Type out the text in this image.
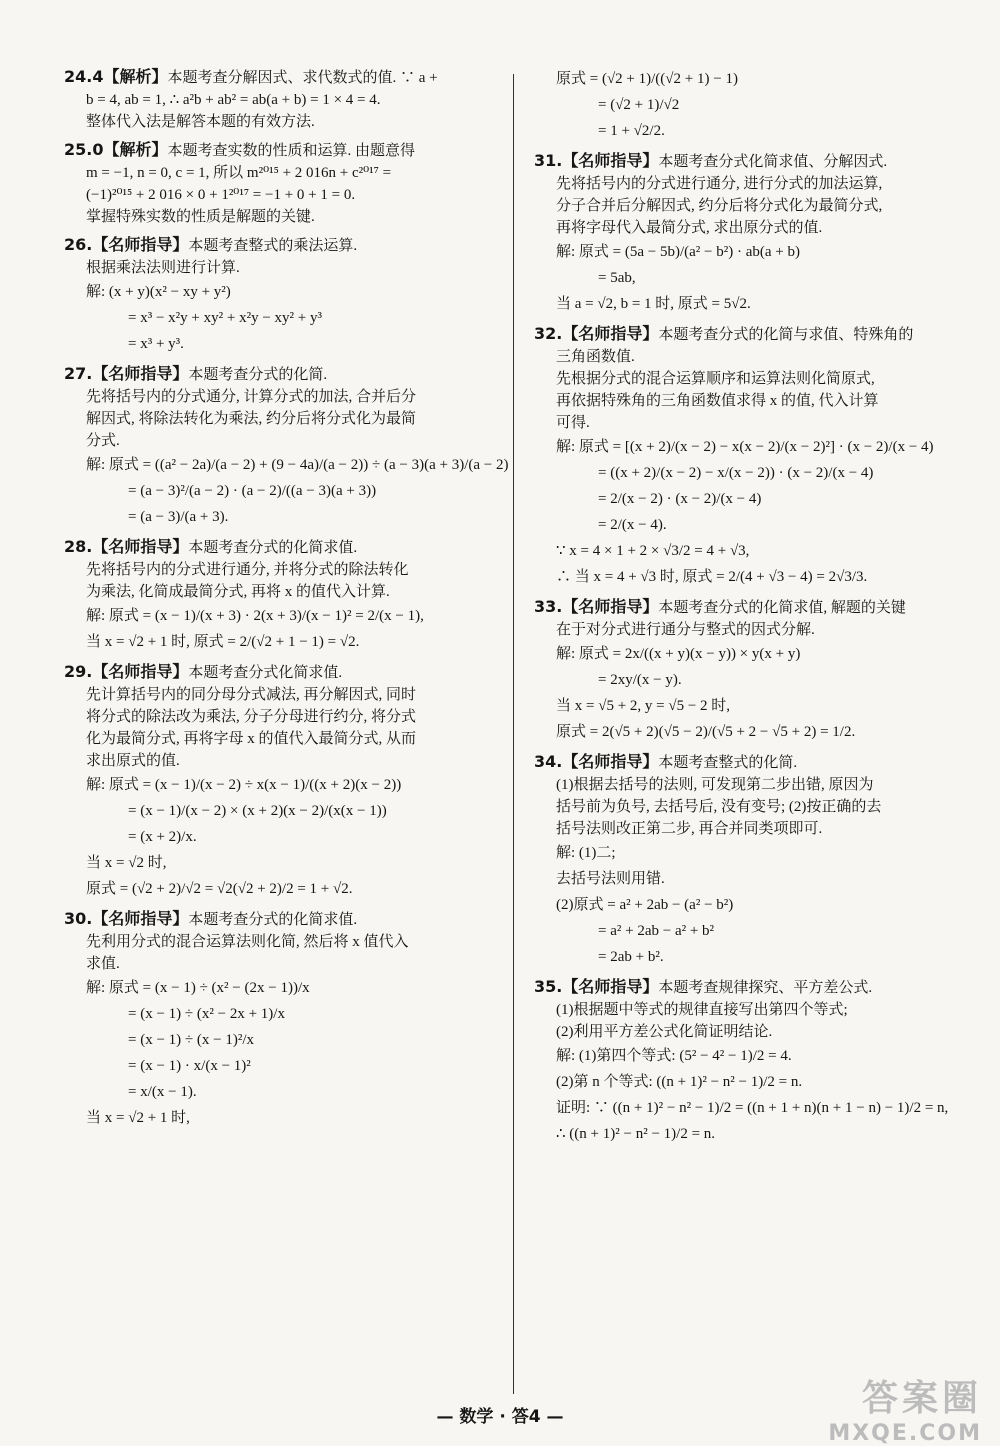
24.4【解析】本题考查分解因式、求代数式的值. ∵ a +
b = 4, ab = 1, ∴ a²b + ab² = ab(a + b) = 1 × 4 = 4.
整体代入法是解答本题的有效方法.
25.0【解析】本题考查实数的性质和运算. 由题意得
m = −1, n = 0, c = 1, 所以 m²⁰¹⁵ + 2 016n + c²⁰¹⁷ =
(−1)²⁰¹⁵ + 2 016 × 0 + 1²⁰¹⁷ = −1 + 0 + 1 = 0.
掌握特殊实数的性质是解题的关键.
26.【名师指导】本题考查整式的乘法运算.
根据乘法法则进行计算.
解: (x + y)(x² − xy + y²)
= x³ − x²y + xy² + x²y − xy² + y³
= x³ + y³.
27.【名师指导】本题考查分式的化简.
先将括号内的分式通分, 计算分式的加法, 合并后分
解因式, 将除法转化为乘法, 约分后将分式化为最简
分式.
解: 原式 = ((a² − 2a)/(a − 2) + (9 − 4a)/(a − 2)) ÷ (a − 3)(a + 3)/(a − 2)
= (a − 3)²/(a − 2) · (a − 2)/((a − 3)(a + 3))
= (a − 3)/(a + 3).
28.【名师指导】本题考查分式的化简求值.
先将括号内的分式进行通分, 并将分式的除法转化
为乘法, 化简成最简分式, 再将 x 的值代入计算.
解: 原式 = (x − 1)/(x + 3) · 2(x + 3)/(x − 1)² = 2/(x − 1),
当 x = √2 + 1 时, 原式 = 2/(√2 + 1 − 1) = √2.
29.【名师指导】本题考查分式化简求值.
先计算括号内的同分母分式减法, 再分解因式, 同时
将分式的除法改为乘法, 分子分母进行约分, 将分式
化为最简分式, 再将字母 x 的值代入最简分式, 从而
求出原式的值.
解: 原式 = (x − 1)/(x − 2) ÷ x(x − 1)/((x + 2)(x − 2))
= (x − 1)/(x − 2) × (x + 2)(x − 2)/(x(x − 1))
= (x + 2)/x.
当 x = √2 时,
原式 = (√2 + 2)/√2 = √2(√2 + 2)/2 = 1 + √2.
30.【名师指导】本题考查分式的化简求值.
先利用分式的混合运算法则化简, 然后将 x 值代入
求值.
解: 原式 = (x − 1) ÷ (x² − (2x − 1))/x
= (x − 1) ÷ (x² − 2x + 1)/x
= (x − 1) ÷ (x − 1)²/x
= (x − 1) · x/(x − 1)²
= x/(x − 1).
当 x = √2 + 1 时,
原式 = (√2 + 1)/((√2 + 1) − 1)
= (√2 + 1)/√2
= 1 + √2/2.
31.【名师指导】本题考查分式化简求值、分解因式.
先将括号内的分式进行通分, 进行分式的加法运算,
分子合并后分解因式, 约分后将分式化为最简分式,
再将字母代入最简分式, 求出原分式的值.
解: 原式 = (5a − 5b)/(a² − b²) · ab(a + b)
= 5ab,
当 a = √2, b = 1 时, 原式 = 5√2.
32.【名师指导】本题考查分式的化简与求值、特殊角的
三角函数值.
先根据分式的混合运算顺序和运算法则化简原式,
再依据特殊角的三角函数值求得 x 的值, 代入计算
可得.
解: 原式 = [(x + 2)/(x − 2) − x(x − 2)/(x − 2)²] · (x − 2)/(x − 4)
= ((x + 2)/(x − 2) − x/(x − 2)) · (x − 2)/(x − 4)
= 2/(x − 2) · (x − 2)/(x − 4)
= 2/(x − 4).
∵ x = 4 × 1 + 2 × √3/2 = 4 + √3,
∴ 当 x = 4 + √3 时, 原式 = 2/(4 + √3 − 4) = 2√3/3.
33.【名师指导】本题考查分式的化简求值, 解题的关键
在于对分式进行通分与整式的因式分解.
解: 原式 = 2x/((x + y)(x − y)) × y(x + y)
= 2xy/(x − y).
当 x = √5 + 2, y = √5 − 2 时,
原式 = 2(√5 + 2)(√5 − 2)/(√5 + 2 − √5 + 2) = 1/2.
34.【名师指导】本题考查整式的化简.
(1)根据去括号的法则, 可发现第二步出错, 原因为
括号前为负号, 去括号后, 没有变号; (2)按正确的去
括号法则改正第二步, 再合并同类项即可.
解: (1)二;
去括号法则用错.
(2)原式 = a² + 2ab − (a² − b²)
= a² + 2ab − a² + b²
= 2ab + b².
35.【名师指导】本题考查规律探究、平方差公式.
(1)根据题中等式的规律直接写出第四个等式;
(2)利用平方差公式化简证明结论.
解: (1)第四个等式: (5² − 4² − 1)/2 = 4.
(2)第 n 个等式: ((n + 1)² − n² − 1)/2 = n.
证明: ∵ ((n + 1)² − n² − 1)/2 = ((n + 1 + n)(n + 1 − n) − 1)/2 = n,
∴ ((n + 1)² − n² − 1)/2 = n.
— 数学 · 答4 —	答案圈
MXQE.COM
